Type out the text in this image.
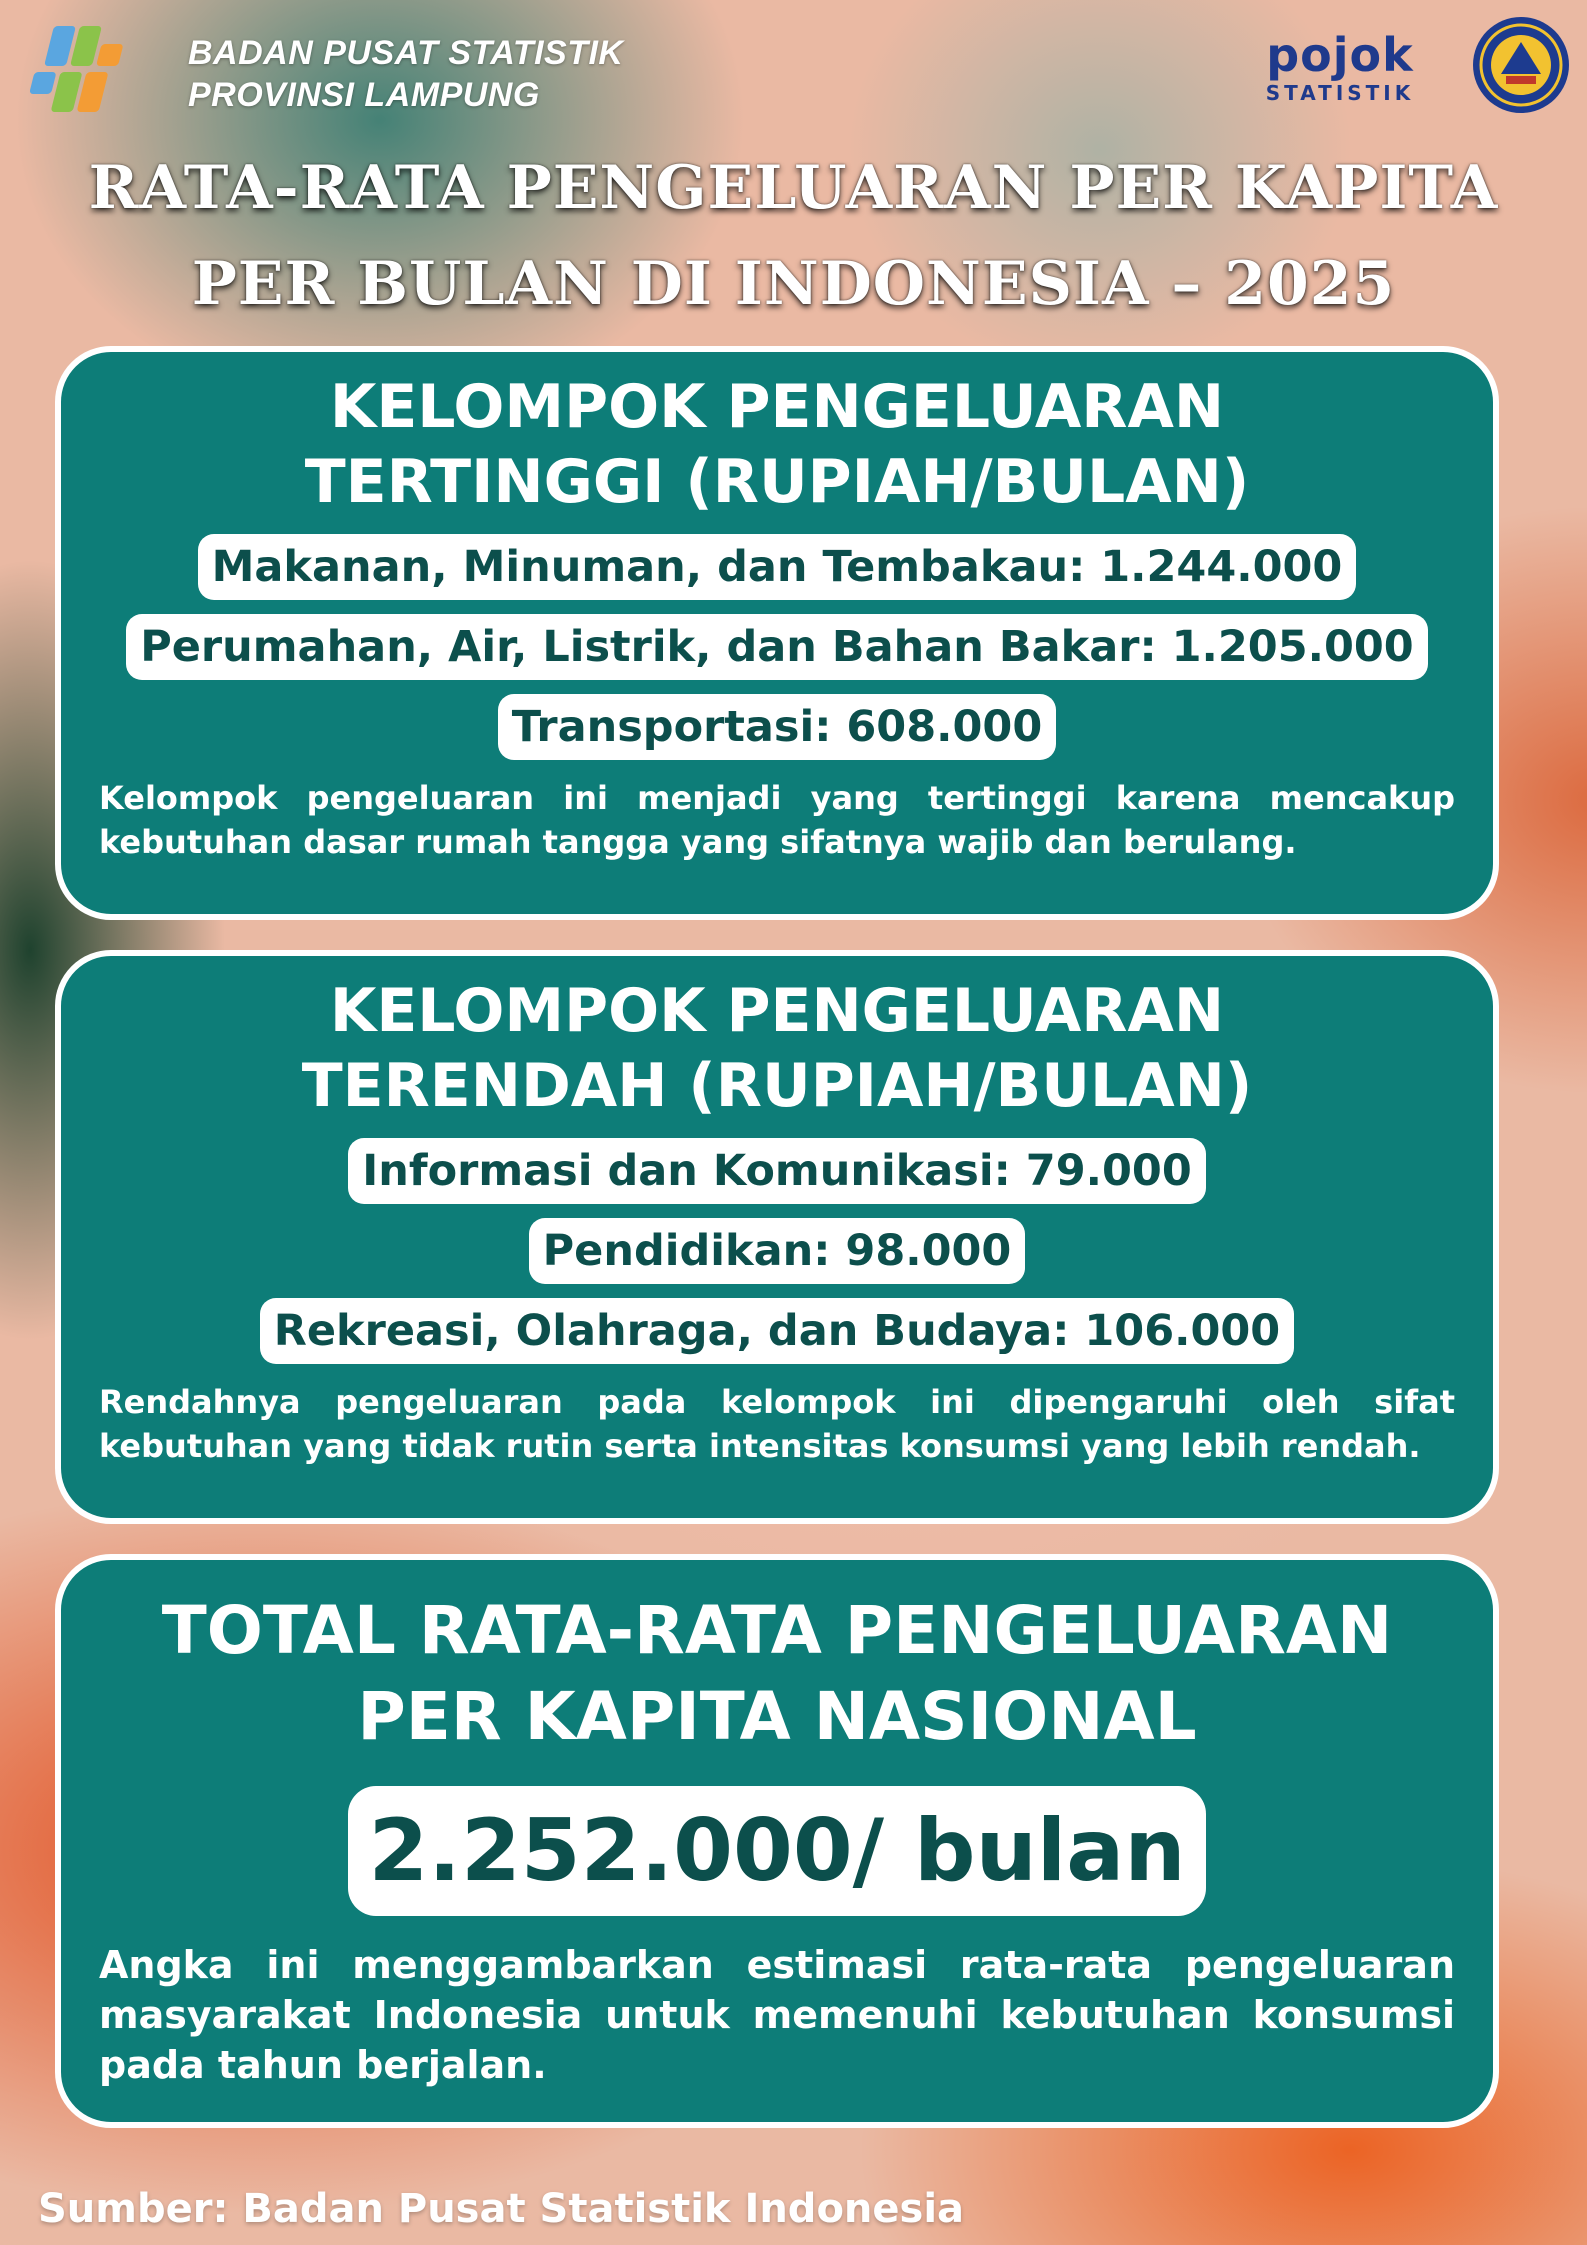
BADAN PUSAT STATISTIK
PROVINSI LAMPUNG
pojok
STATISTIK
RATA-RATA PENGELUARAN PER KAPITA
PER BULAN DI INDONESIA – 2025
KELOMPOK PENGELUARAN
TERTINGGI (RUPIAH/BULAN)
Makanan, Minuman, dan Tembakau: 1.244.000
Perumahan, Air, Listrik, dan Bahan Bakar: 1.205.000
Transportasi: 608.000
Kelompok pengeluaran ini menjadi yang tertinggi karena mencakup
kebutuhan dasar rumah tangga yang sifatnya wajib dan berulang.
KELOMPOK PENGELUARAN
TERENDAH (RUPIAH/BULAN)
Informasi dan Komunikasi: 79.000
Pendidikan: 98.000
Rekreasi, Olahraga, dan Budaya: 106.000
Rendahnya pengeluaran pada kelompok ini dipengaruhi oleh sifat
kebutuhan yang tidak rutin serta intensitas konsumsi yang lebih rendah.
TOTAL RATA-RATA PENGELUARAN
PER KAPITA NASIONAL
2.252.000/ bulan
Angka ini menggambarkan estimasi rata-rata pengeluaran
masyarakat Indonesia untuk memenuhi kebutuhan konsumsi
pada tahun berjalan.
Sumber: Badan Pusat Statistik Indonesia
